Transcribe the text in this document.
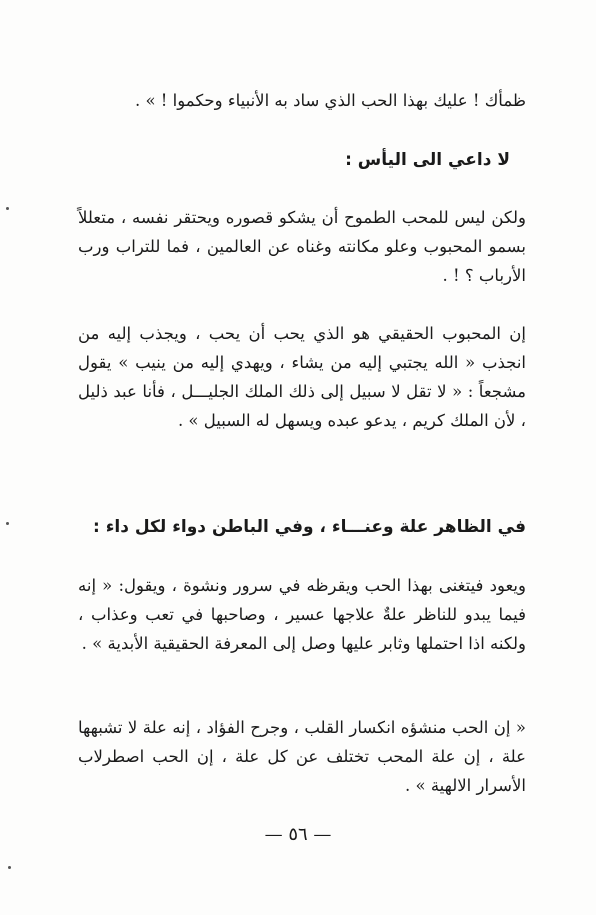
ظمأك ! عليك بهذا الحب الذي ساد به الأنبياء وحكموا ! » .

لا داعي الى اليأس :

ولكن ليس للمحب الطموح أن يشكو قصوره ويحتقر نفسه ، متعللاً بسمو المحبوب وعلو مكانته وغناه عن العالمين ، فما للتراب ورب الأرباب ؟ ! .

إن المحبوب الحقيقي هو الذي يحب أن يحب ، ويجذب إليه من انجذب « الله يجتبي إليه من يشاء ، ويهدي إليه من ينيب » يقول مشجعاً : « لا تقل لا سبيل إلى ذلك الملك الجليـــل ، فأنا عبد ذليل ، لأن الملك كريم ، يدعو عبده ويسهل له السبيل » .

في الظاهر علة وعنـــاء ، وفي الباطن دواء لكل داء :

ويعود فيتغنى بهذا الحب ويقرظه في سرور ونشوة ، ويقول: « إنه فيما يبدو للناظر علةٌ علاجها عسير ، وصاحبها في تعب وعذاب ، ولكنه اذا احتملها وثابر عليها وصل إلى المعرفة الحقيقية الأبدية » .

« إن الحب منشؤه انكسار القلب ، وجرح الفؤاد ، إنه علة لا تشبهها علة ، إن علة المحب تختلف عن كل علة ، إن الحب اصطرلاب الأسرار الالهية » .

— ٥٦ —
